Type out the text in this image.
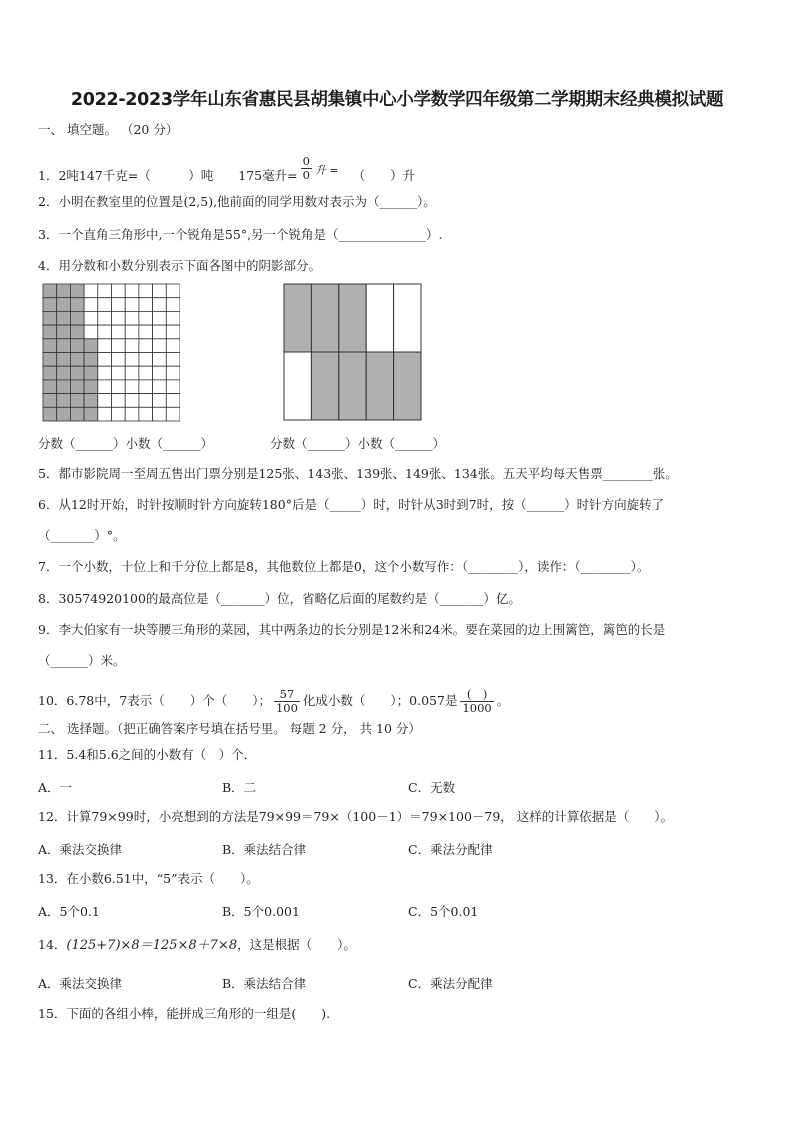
2022-2023学年山东省惠民县胡集镇中心小学数学四年级第二学期期末经典模拟试题
一、 填空题。 （20 分）
1．2吨147千克=（　　　）吨　　175毫升= $\frac{0}{0}$ 升 = （　　）升
2．小明在教室里的位置是(2,5),他前面的同学用数对表示为（______）。
3．一个直角三角形中,一个锐角是55°,另一个锐角是（______________）.
4．用分数和小数分别表示下面各图中的阴影部分。
分数（______）小数（______）	分数（______）小数（______）
5．都市影院周一至周五售出门票分别是125张、143张、139张、149张、134张。五天平均每天售票________张。
6．从12时开始，时针按顺时针方向旋转180°后是（_____）时，时针从3时到7时，按（______）时针方向旋转了
（_______）°。
7．一个小数，十位上和千分位上都是8，其他数位上都是0，这个小数写作：（________），读作：（________）。
8．30574920100的最高位是（_______）位，省略亿后面的尾数约是（_______）亿。
9．李大伯家有一块等腰三角形的菜园，其中两条边的长分别是12米和24米。要在菜园的边上围篱笆，篱笆的长是
（______）米。
10．6.78中，7表示（　　）个（　　）； $\frac{57}{100}$ 化成小数（　　）；0.057是 $\frac{( )}{1000}$ 。
二、 选择题。（把正确答案序号填在括号里。 每题 2 分， 共 10 分）
11．5.4和5.6之间的小数有（　）个．
A．一	B．二	C．无数
12．计算79×99时，小亮想到的方法是79×99＝79×（100－1）＝79×100－79， 这样的计算依据是（　　）。
A．乘法交换律	B．乘法结合律	C．乘法分配律
13．在小数6.51中，“5”表示（　　）。
A．5个0.1	B．5个0.001	C．5个0.01
14．(125+7)×8＝125×8＋7×8，这是根据（　　）。
A．乘法交换律	B．乘法结合律	C．乘法分配律
15．下面的各组小棒，能拼成三角形的一组是(　　).
